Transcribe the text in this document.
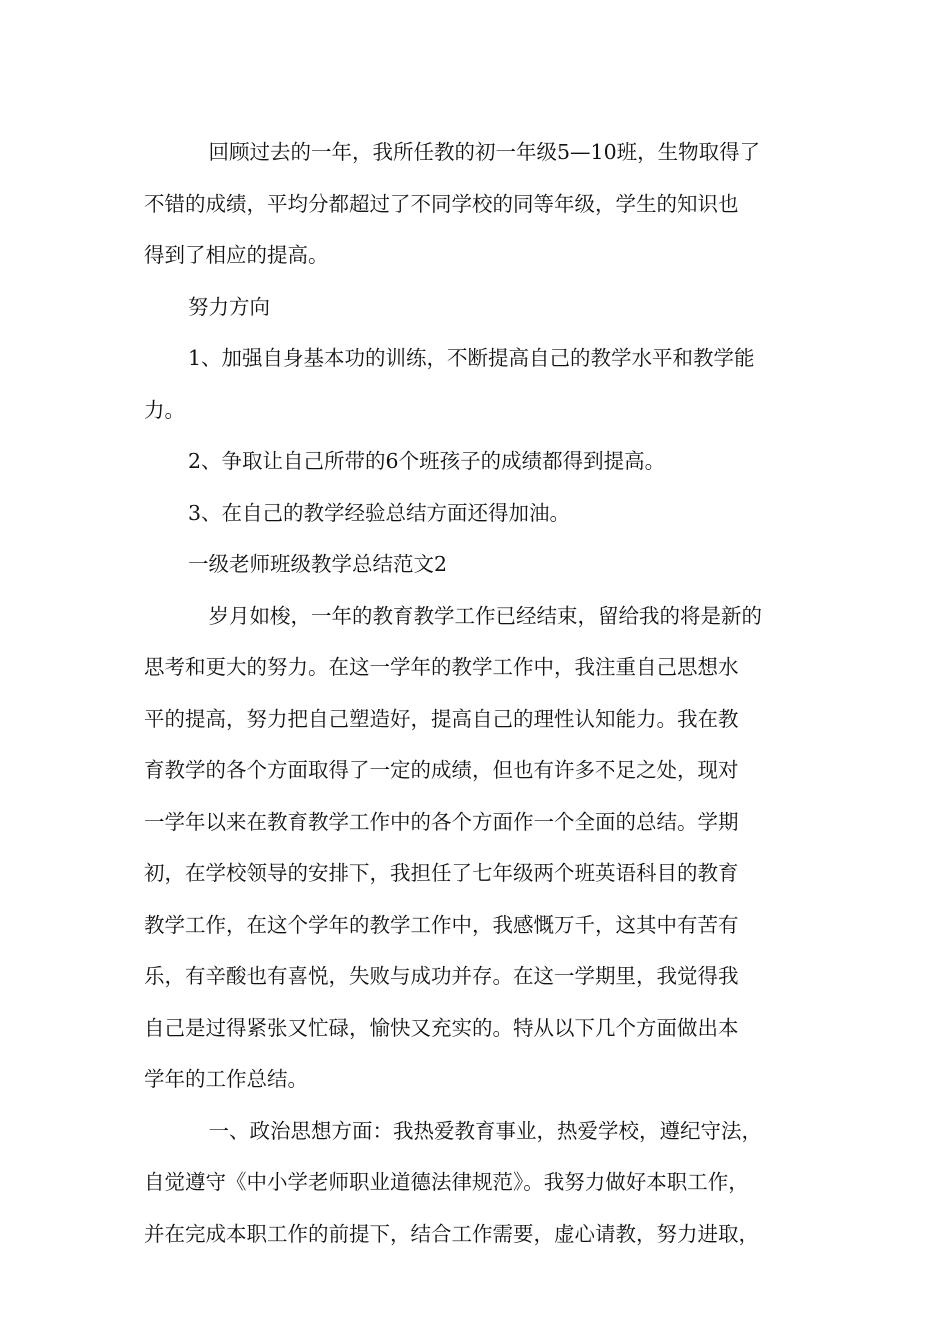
　回顾过去的一年，我所任教的初一年级5—10班，生物取得了

不错的成绩，平均分都超过了不同学校的同等年级，学生的知识也

得到了相应的提高。

努力方向

1、加强自身基本功的训练，不断提高自己的教学水平和教学能

力。

2、争取让自己所带的6个班孩子的成绩都得到提高。

3、在自己的教学经验总结方面还得加油。

一级老师班级教学总结范文2

　岁月如梭，一年的教育教学工作已经结束，留给我的将是新的

思考和更大的努力。在这一学年的教学工作中，我注重自己思想水

平的提高，努力把自己塑造好，提高自己的理性认知能力。我在教

育教学的各个方面取得了一定的成绩，但也有许多不足之处，现对

一学年以来在教育教学工作中的各个方面作一个全面的总结。学期

初，在学校领导的安排下，我担任了七年级两个班英语科目的教育

教学工作，在这个学年的教学工作中，我感慨万千，这其中有苦有

乐，有辛酸也有喜悦，失败与成功并存。在这一学期里，我觉得我

自己是过得紧张又忙碌，愉快又充实的。特从以下几个方面做出本

学年的工作总结。

　一、政治思想方面：我热爱教育事业，热爱学校，遵纪守法，

自觉遵守《中小学老师职业道德法律规范》。我努力做好本职工作，

并在完成本职工作的前提下，结合工作需要，虚心请教，努力进取，
